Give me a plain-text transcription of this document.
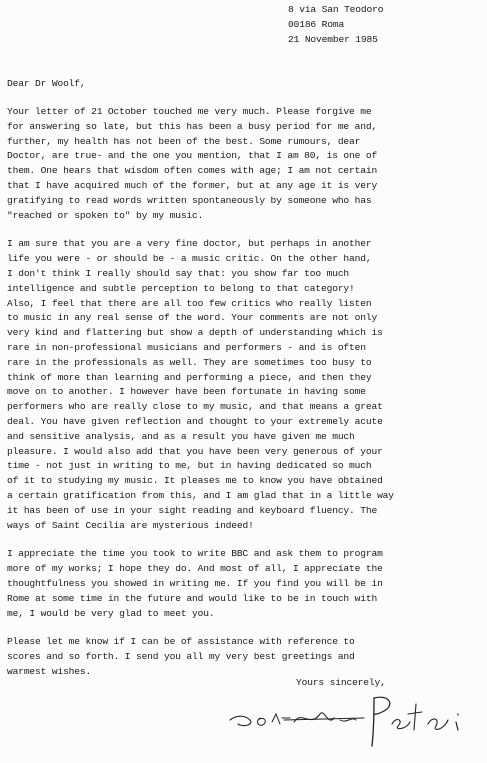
8 via San Teodoro
00186 Roma
21 November 1985
Dear Dr Woolf,
Your letter of 21 October touched me very much. Please forgive me
for answering so late, but this has been a busy period for me and,
further, my health has not been of the best. Some rumours, dear
Doctor, are true- and the one you mention, that I am 80, is one of
them. One hears that wisdom often comes with age; I am not certain
that I have acquired much of the former, but at any age it is very
gratifying to read words written spontaneously by someone who has
"reached or spoken to" by my music.
I am sure that you are a very fine doctor, but perhaps in another
life you were - or should be - a music critic. On the other hand,
I don't think I really should say that: you show far too much
intelligence and subtle perception to belong to that category!
Also, I feel that there are all too few critics who really listen
to music in any real sense of the word. Your comments are not only
very kind and flattering but show a depth of understanding which is
rare in non-professional musicians and performers - and is often
rare in the professionals as well. They are sometimes too busy to
think of more than learning and performing a piece, and then they
move on to another. I however have been fortunate in having some
performers who are really close to my music, and that means a great
deal. You have given reflection and thought to your extremely acute
and sensitive analysis, and as a result you have given me much
pleasure. I would also add that you have been very generous of your
time - not just in writing to me, but in having dedicated so much
of it to studying my music. It pleases me to know you have obtained
a certain gratification from this, and I am glad that in a little way
it has been of use in your sight reading and keyboard fluency. The
ways of Saint Cecilia are mysterious indeed!
I appreciate the time you took to write BBC and ask them to program
more of my works; I hope they do. And most of all, I appreciate the
thoughtfulness you showed in writing me. If you find you will be in
Rome at some time in the future and would like to be in touch with
me, I would be very glad to meet you.
Please let me know if I can be of assistance with reference to
scores and so forth. I send you all my very best greetings and
warmest wishes.
Yours sincerely,
